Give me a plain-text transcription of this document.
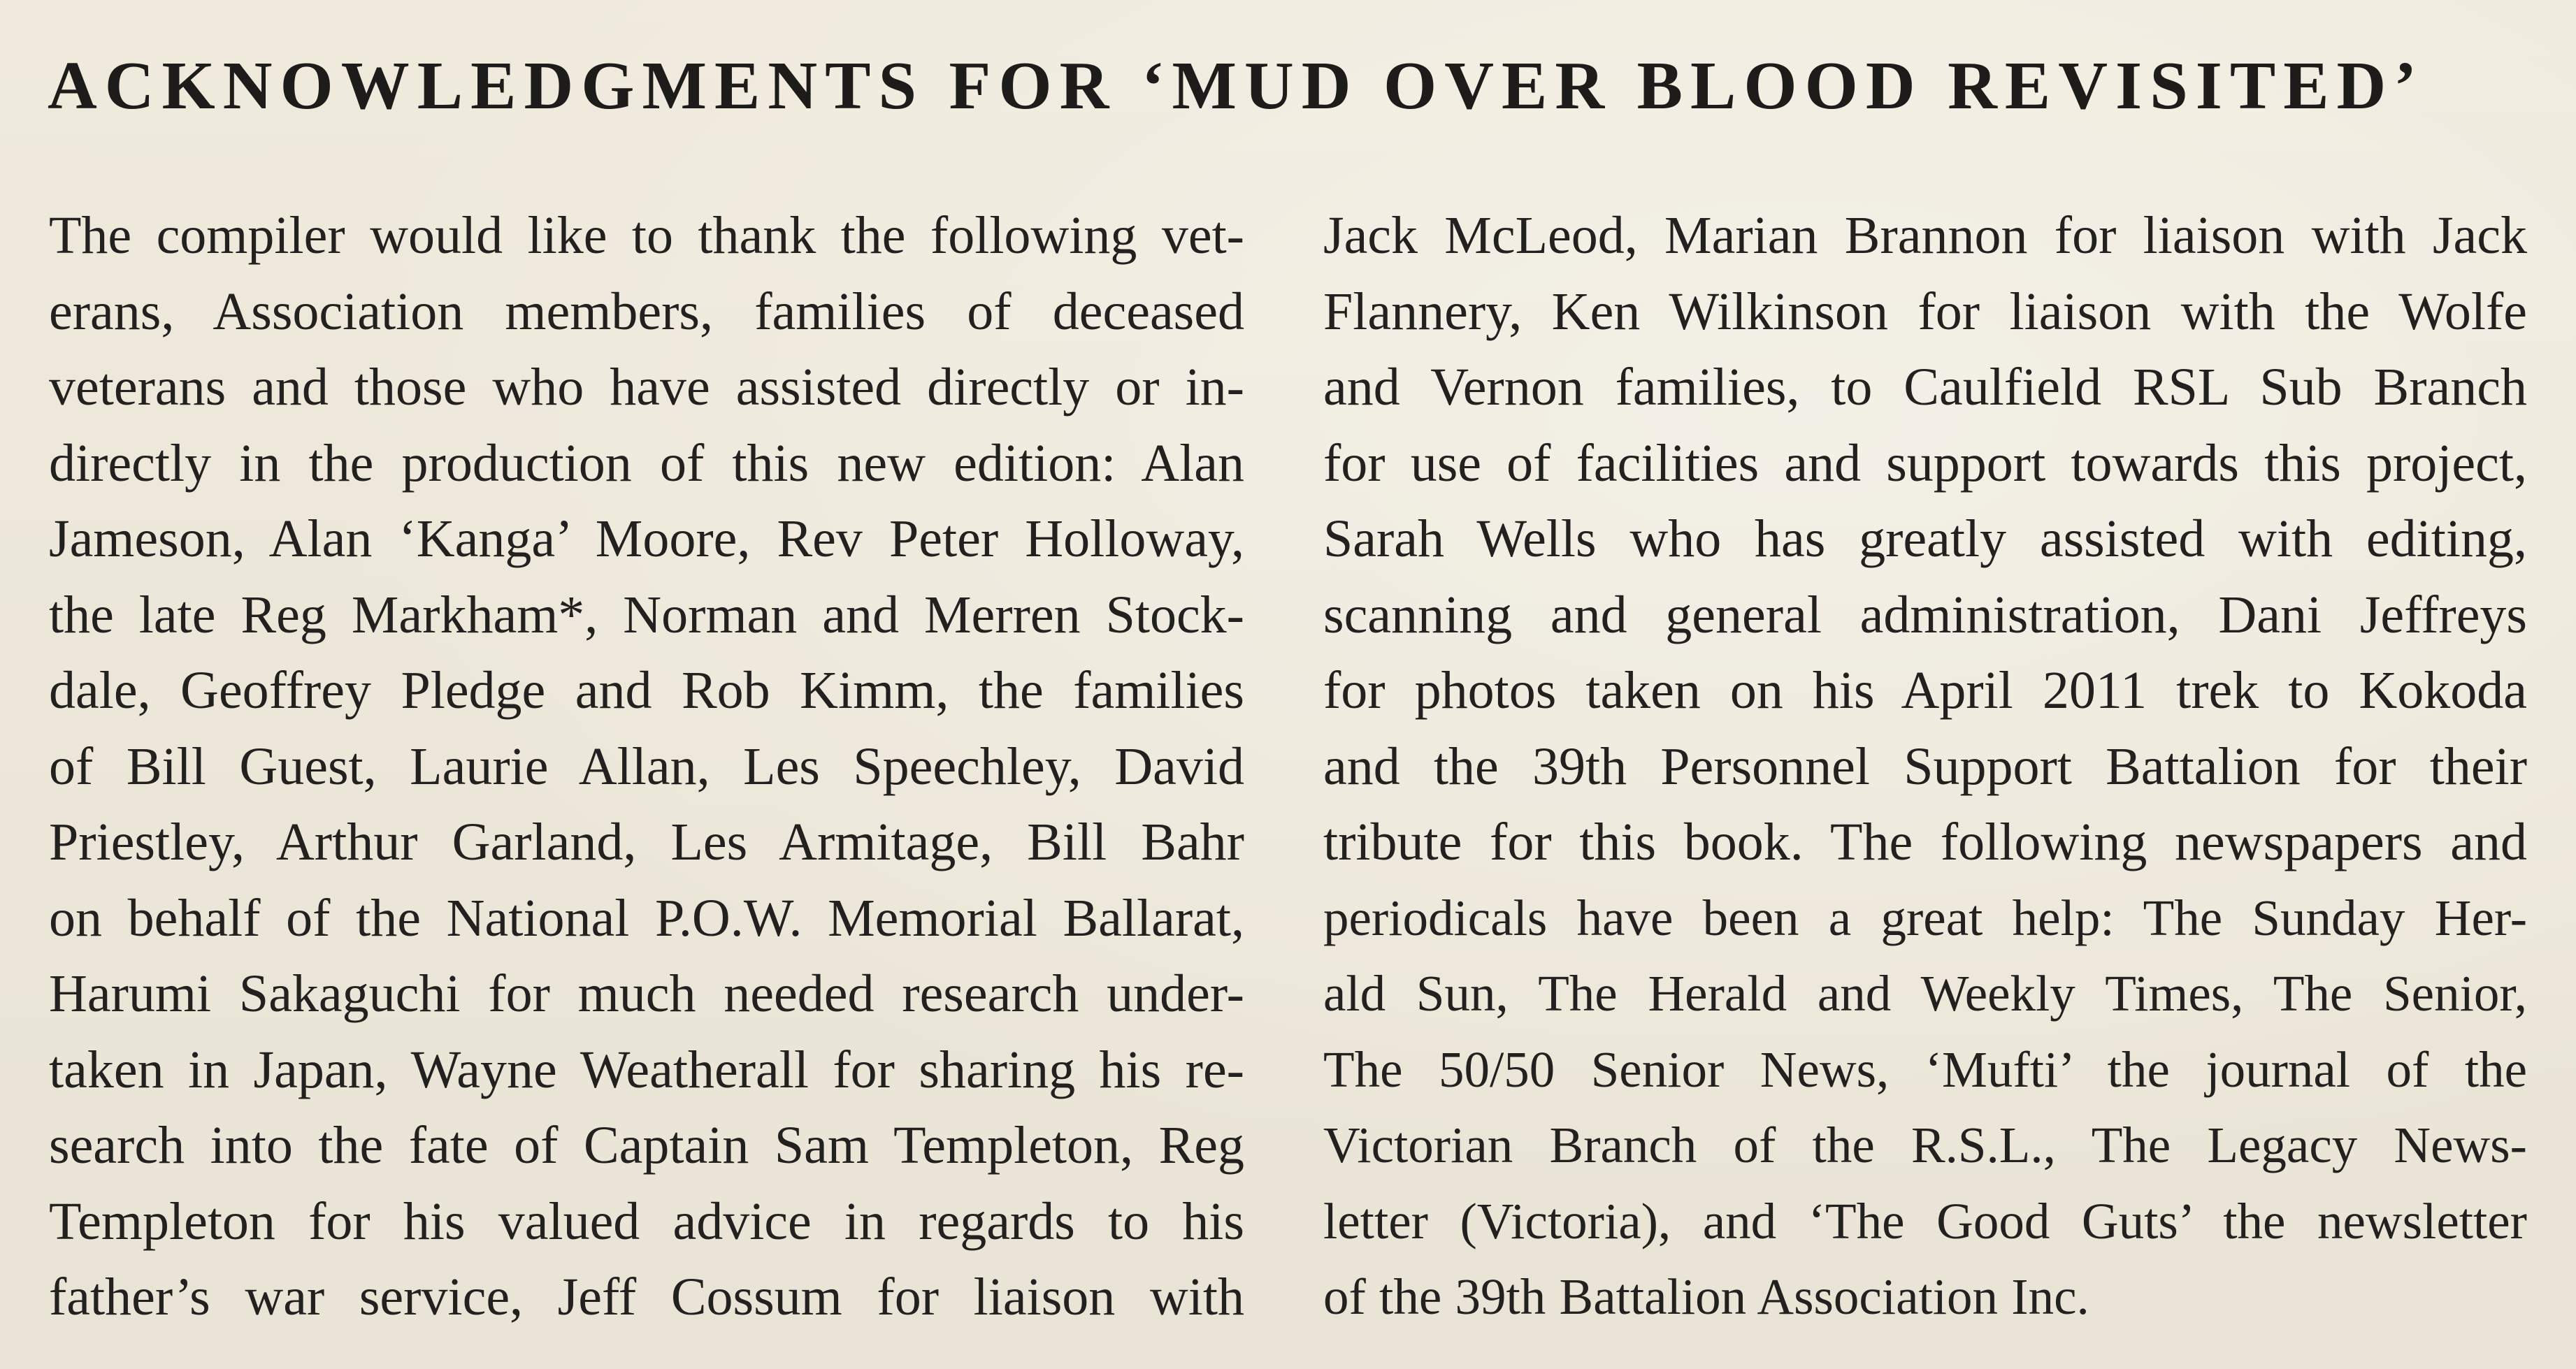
ACKNOWLEDGMENTS FOR ‘MUD OVER BLOOD REVISITED’
The compiler would like to thank the following vet-
erans, Association members, families of deceased
veterans and those who have assisted directly or in-
directly in the production of this new edition: Alan
Jameson, Alan ‘Kanga’ Moore, Rev Peter Holloway,
the late Reg Markham*, Norman and Merren Stock-
dale, Geoffrey Pledge and Rob Kimm, the families
of Bill Guest, Laurie Allan, Les Speechley, David
Priestley, Arthur Garland, Les Armitage, Bill Bahr
on behalf of the National P.O.W. Memorial Ballarat,
Harumi Sakaguchi for much needed research under-
taken in Japan, Wayne Weatherall for sharing his re-
search into the fate of Captain Sam Templeton, Reg
Templeton for his valued advice in regards to his
father’s war service, Jeff Cossum for liaison with
Jack McLeod, Marian Brannon for liaison with Jack
Flannery, Ken Wilkinson for liaison with the Wolfe
and Vernon families, to Caulfield RSL Sub Branch
for use of facilities and support towards this project,
Sarah Wells who has greatly assisted with editing,
scanning and general administration, Dani Jeffreys
for photos taken on his April 2011 trek to Kokoda
and the 39th Personnel Support Battalion for their
tribute for this book. The following newspapers and
periodicals have been a great help: The Sunday Her-
ald Sun, The Herald and Weekly Times, The Senior,
The 50/50 Senior News, ‘Mufti’ the journal of the
Victorian Branch of the R.S.L., The Legacy News-
letter (Victoria), and ‘The Good Guts’ the newsletter
of the 39th Battalion Association Inc.
